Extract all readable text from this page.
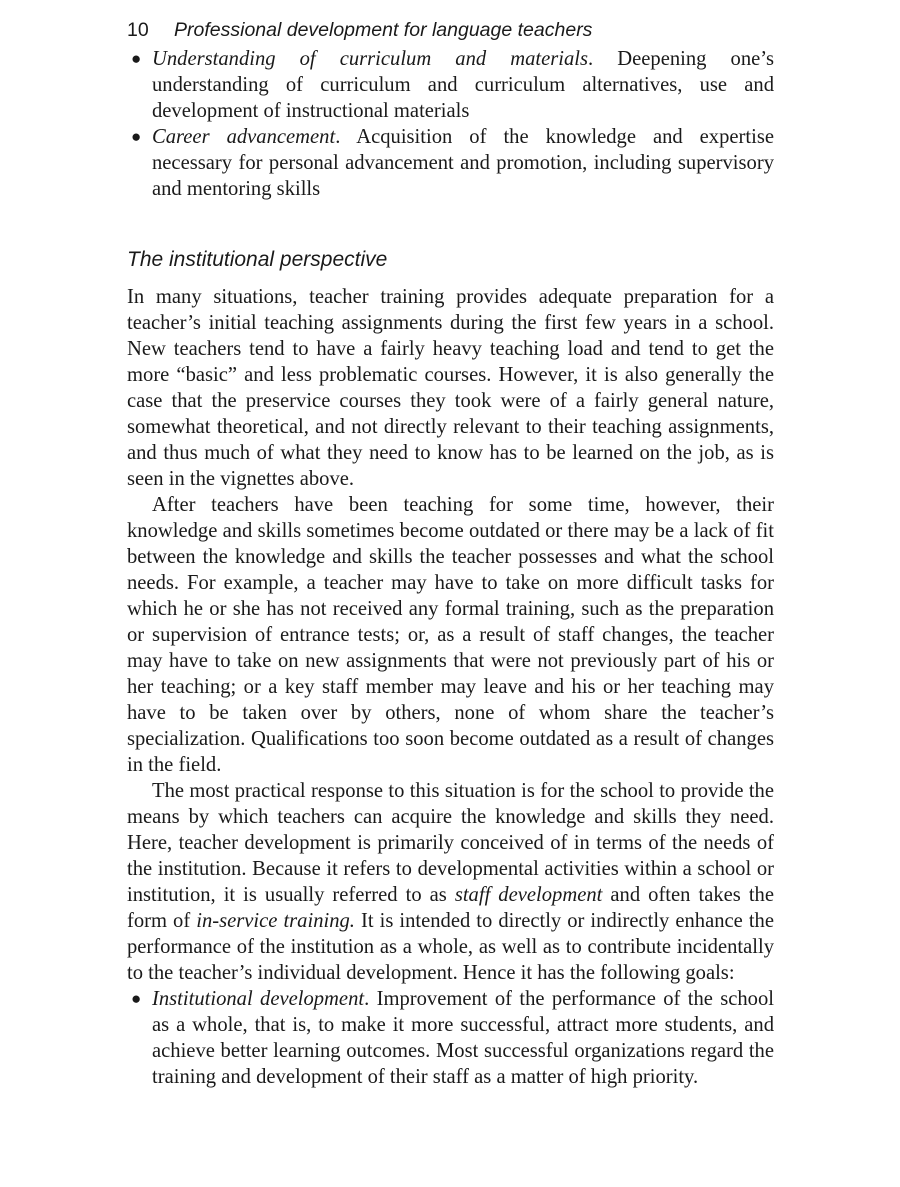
10 Professional development for language teachers
● Understanding of curriculum and materials. Deepening one’s understanding of curriculum and curriculum alternatives, use and development of instructional materials
● Career advancement. Acquisition of the knowledge and expertise necessary for personal advancement and promotion, including supervisory and mentoring skills
The institutional perspective

In many situations, teacher training provides adequate preparation for a teacher’s initial teaching assignments during the first few years in a school. New teachers tend to have a fairly heavy teaching load and tend to get the more “basic” and less problematic courses. However, it is also generally the case that the preservice courses they took were of a fairly general nature, somewhat theoretical, and not directly relevant to their teaching assignments, and thus much of what they need to know has to be learned on the job, as is seen in the vignettes above.

After teachers have been teaching for some time, however, their knowledge and skills sometimes become outdated or there may be a lack of fit between the knowledge and skills the teacher possesses and what the school needs. For example, a teacher may have to take on more difficult tasks for which he or she has not received any formal training, such as the preparation or supervision of entrance tests; or, as a result of staff changes, the teacher may have to take on new assignments that were not previously part of his or her teaching; or a key staff member may leave and his or her teaching may have to be taken over by others, none of whom share the teacher’s specialization. Qualifications too soon become outdated as a result of changes in the field.

The most practical response to this situation is for the school to provide the means by which teachers can acquire the knowledge and skills they need. Here, teacher development is primarily conceived of in terms of the needs of the institution. Because it refers to developmental activities within a school or institution, it is usually referred to as staff development and often takes the form of in-service training. It is intended to directly or indirectly enhance the performance of the institution as a whole, as well as to contribute incidentally to the teacher’s individual development. Hence it has the following goals:

● Institutional development. Improvement of the performance of the school as a whole, that is, to make it more successful, attract more students, and achieve better learning outcomes. Most successful organizations regard the training and development of their staff as a matter of high priority.
